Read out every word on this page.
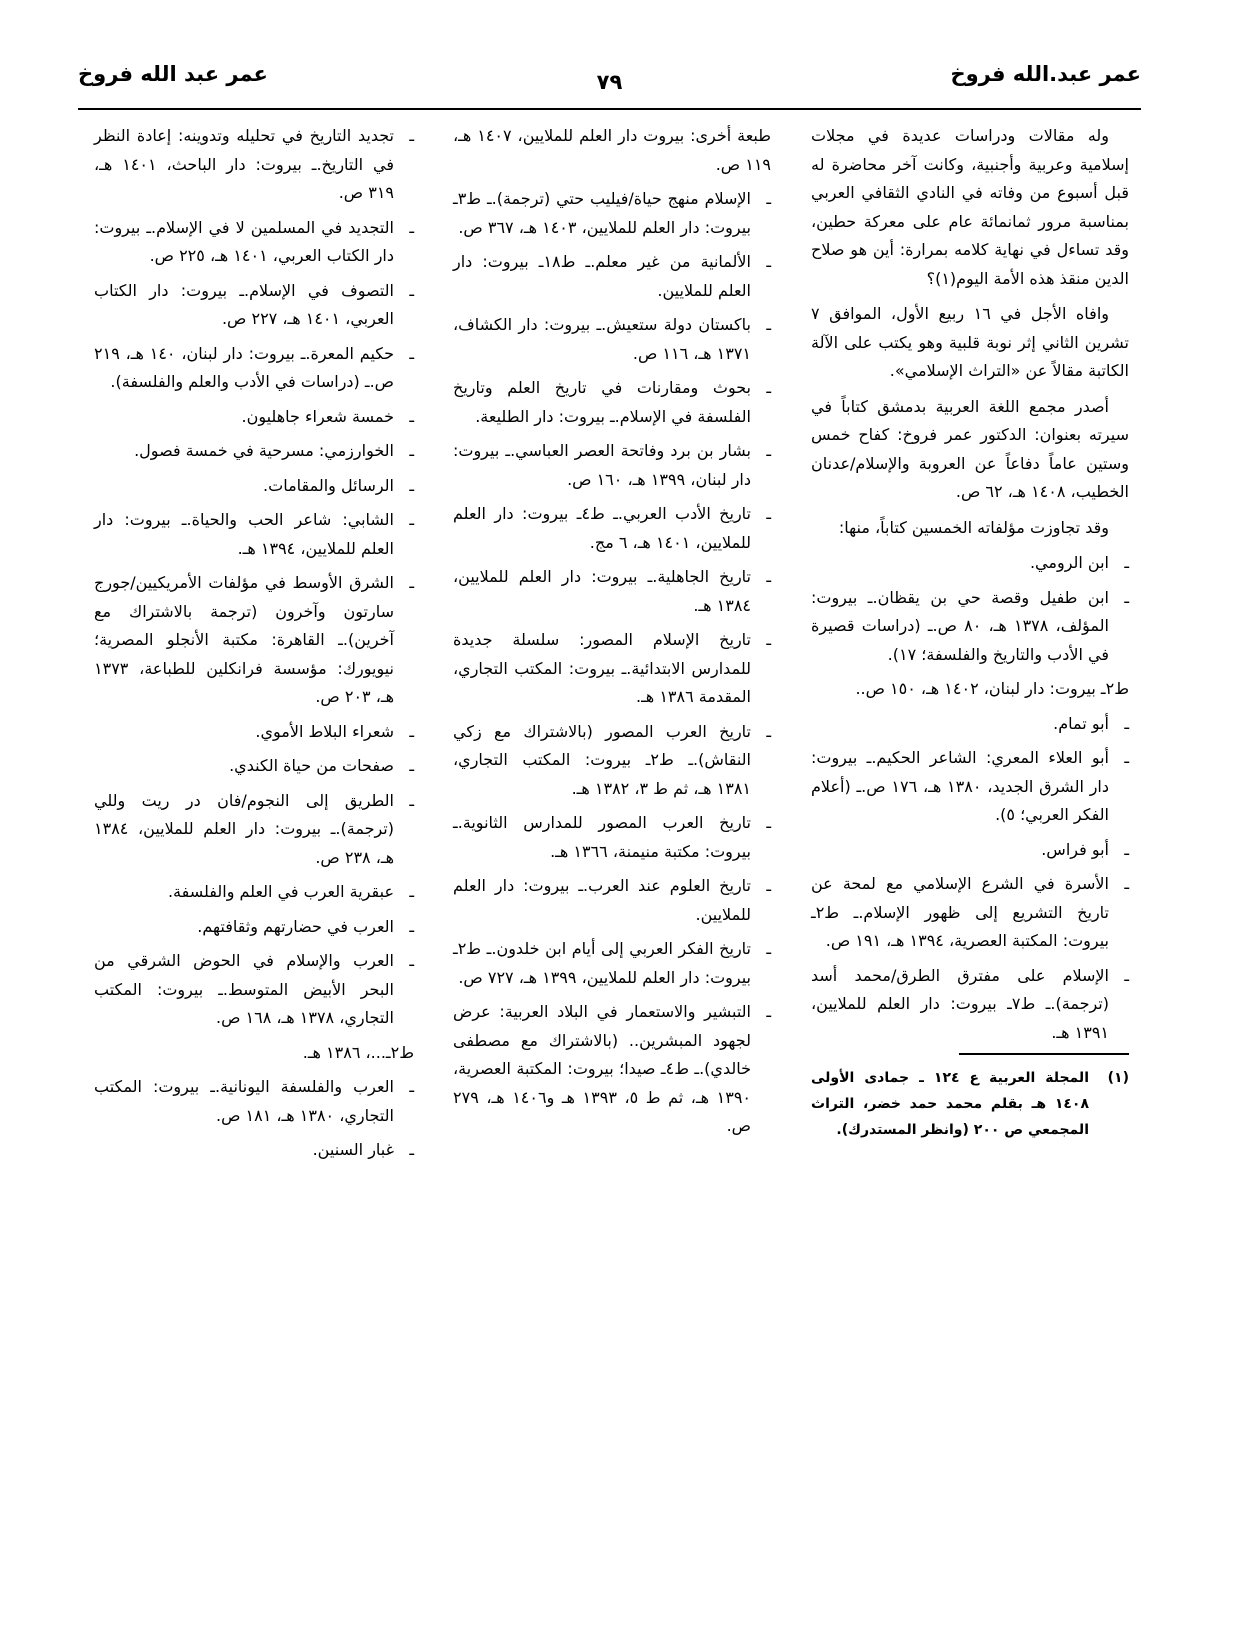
عمر عبد.الله فروخ
٧٩
عمر عبد الله فروخ

وله مقالات ودراسات عديدة في مجلات إسلامية وعربية وأجنبية، وكانت آخر محاضرة له قبل أسبوع من وفاته في النادي الثقافي العربي بمناسبة مرور ثمانمائة عام على معركة حطين، وقد تساءل في نهاية كلامه بمرارة: أين هو صلاح الدين منقذ هذه الأمة اليوم(١)؟

وافاه الأجل في ١٦ ربيع الأول، الموافق ٧ تشرين الثاني إثر نوبة قلبية وهو يكتب على الآلة الكاتبة مقالاً عن «التراث الإسلامي».

أصدر مجمع اللغة العربية بدمشق كتاباً في سيرته بعنوان: الدكتور عمر فروخ: كفاح خمس وستين عاماً دفاعاً عن العروبة والإسلام/عدنان الخطيب، ١٤٠٨ هـ، ٦٢ ص.

وقد تجاوزت مؤلفاته الخمسين كتاباً، منها:

ـ ابن الرومي.

ـ ابن طفيل وقصة حي بن يقظان.ـ بيروت: المؤلف، ١٣٧٨ هـ، ٨٠ ص.ـ (دراسات قصيرة في الأدب والتاريخ والفلسفة؛ ١٧).

ط٢ـ بيروت: دار لبنان، ١٤٠٢ هـ، ١٥٠ ص..

ـ أبو تمام.

ـ أبو العلاء المعري: الشاعر الحكيم.ـ بيروت: دار الشرق الجديد، ١٣٨٠ هـ، ١٧٦ ص.ـ (أعلام الفكر العربي؛ ٥).

ـ أبو فراس.

ـ الأسرة في الشرع الإسلامي مع لمحة عن تاريخ التشريع إلى ظهور الإسلام.ـ ط٢ـ بيروت: المكتبة العصرية، ١٣٩٤ هـ، ١٩١ ص.

ـ الإسلام على مفترق الطرق/محمد أسد (ترجمة).ـ ط٧ـ بيروت: دار العلم للملايين، ١٣٩١ هـ.

(١)
المجلة العربية ع ١٢٤ ـ جمادى الأولى ١٤٠٨ هـ بقلم محمد حمد خضر، التراث المجمعي ص ٢٠٠ (وانظر المستدرك).

طبعة أخرى: بيروت دار العلم للملايين، ١٤٠٧ هـ، ١١٩ ص.

ـ الإسلام منهج حياة/فيليب حتي (ترجمة).ـ ط٣ـ بيروت: دار العلم للملايين، ١٤٠٣ هـ، ٣٦٧ ص.

ـ الألمانية من غير معلم.ـ ط١٨ـ بيروت: دار العلم للملايين.

ـ باكستان دولة ستعيش.ـ بيروت: دار الكشاف، ١٣٧١ هـ، ١١٦ ص.

ـ بحوث ومقارنات في تاريخ العلم وتاريخ الفلسفة في الإسلام.ـ بيروت: دار الطليعة.

ـ بشار بن برد وفاتحة العصر العباسي.ـ بيروت: دار لبنان، ١٣٩٩ هـ، ١٦٠ ص.

ـ تاريخ الأدب العربي.ـ ط٤ـ بيروت: دار العلم للملايين، ١٤٠١ هـ، ٦ مج.

ـ تاريخ الجاهلية.ـ بيروت: دار العلم للملايين، ١٣٨٤ هـ.

ـ تاريخ الإسلام المصور: سلسلة جديدة للمدارس الابتدائية.ـ بيروت: المكتب التجاري، المقدمة ١٣٨٦ هـ.

ـ تاريخ العرب المصور (بالاشتراك مع زكي النقاش).ـ ط٢ـ بيروت: المكتب التجاري، ١٣٨١ هـ، ثم ط ٣، ١٣٨٢ هـ.

ـ تاريخ العرب المصور للمدارس الثانوية.ـ بيروت: مكتبة منيمنة، ١٣٦٦ هـ.

ـ تاريخ العلوم عند العرب.ـ بيروت: دار العلم للملايين.

ـ تاريخ الفكر العربي إلى أيام ابن خلدون.ـ ط٢ـ بيروت: دار العلم للملايين، ١٣٩٩ هـ، ٧٢٧ ص.

ـ التبشير والاستعمار في البلاد العربية: عرض لجهود المبشرين.. (بالاشتراك مع مصطفى خالدي).ـ ط٤ـ صيدا؛ بيروت: المكتبة العصرية، ١٣٩٠ هـ، ثم ط ٥، ١٣٩٣ هـ و١٤٠٦ هـ، ٢٧٩ ص.

ـ تجديد التاريخ في تحليله وتدوينه: إعادة النظر في التاريخ.ـ بيروت: دار الباحث، ١٤٠١ هـ، ٣١٩ ص.

ـ التجديد في المسلمين لا في الإسلام.ـ بيروت: دار الكتاب العربي، ١٤٠١ هـ، ٢٢٥ ص.

ـ التصوف في الإسلام.ـ بيروت: دار الكتاب العربي، ١٤٠١ هـ، ٢٢٧ ص.

ـ حكيم المعرة.ـ بيروت: دار لبنان، ١٤٠ هـ، ٢١٩ ص.ـ (دراسات في الأدب والعلم والفلسفة).

ـ خمسة شعراء جاهليون.

ـ الخوارزمي: مسرحية في خمسة فصول.

ـ الرسائل والمقامات.

ـ الشابي: شاعر الحب والحياة.ـ بيروت: دار العلم للملايين، ١٣٩٤ هـ.

ـ الشرق الأوسط في مؤلفات الأمريكيين/جورج سارتون وآخرون (ترجمة بالاشتراك مع آخرين).ـ القاهرة: مكتبة الأنجلو المصرية؛ نيويورك: مؤسسة فرانكلين للطباعة، ١٣٧٣ هـ، ٢٠٣ ص.

ـ شعراء البلاط الأموي.

ـ صفحات من حياة الكندي.

ـ الطريق إلى النجوم/فان در ريت وللي (ترجمة).ـ بيروت: دار العلم للملايين، ١٣٨٤ هـ، ٢٣٨ ص.

ـ عبقرية العرب في العلم والفلسفة.

ـ العرب في حضارتهم وثقافتهم.

ـ العرب والإسلام في الحوض الشرقي من البحر الأبيض المتوسط.ـ بيروت: المكتب التجاري، ١٣٧٨ هـ، ١٦٨ ص.

ط٢ـ...، ١٣٨٦ هـ.

ـ العرب والفلسفة اليونانية.ـ بيروت: المكتب التجاري، ١٣٨٠ هـ، ١٨١ ص.

ـ غبار السنين.
